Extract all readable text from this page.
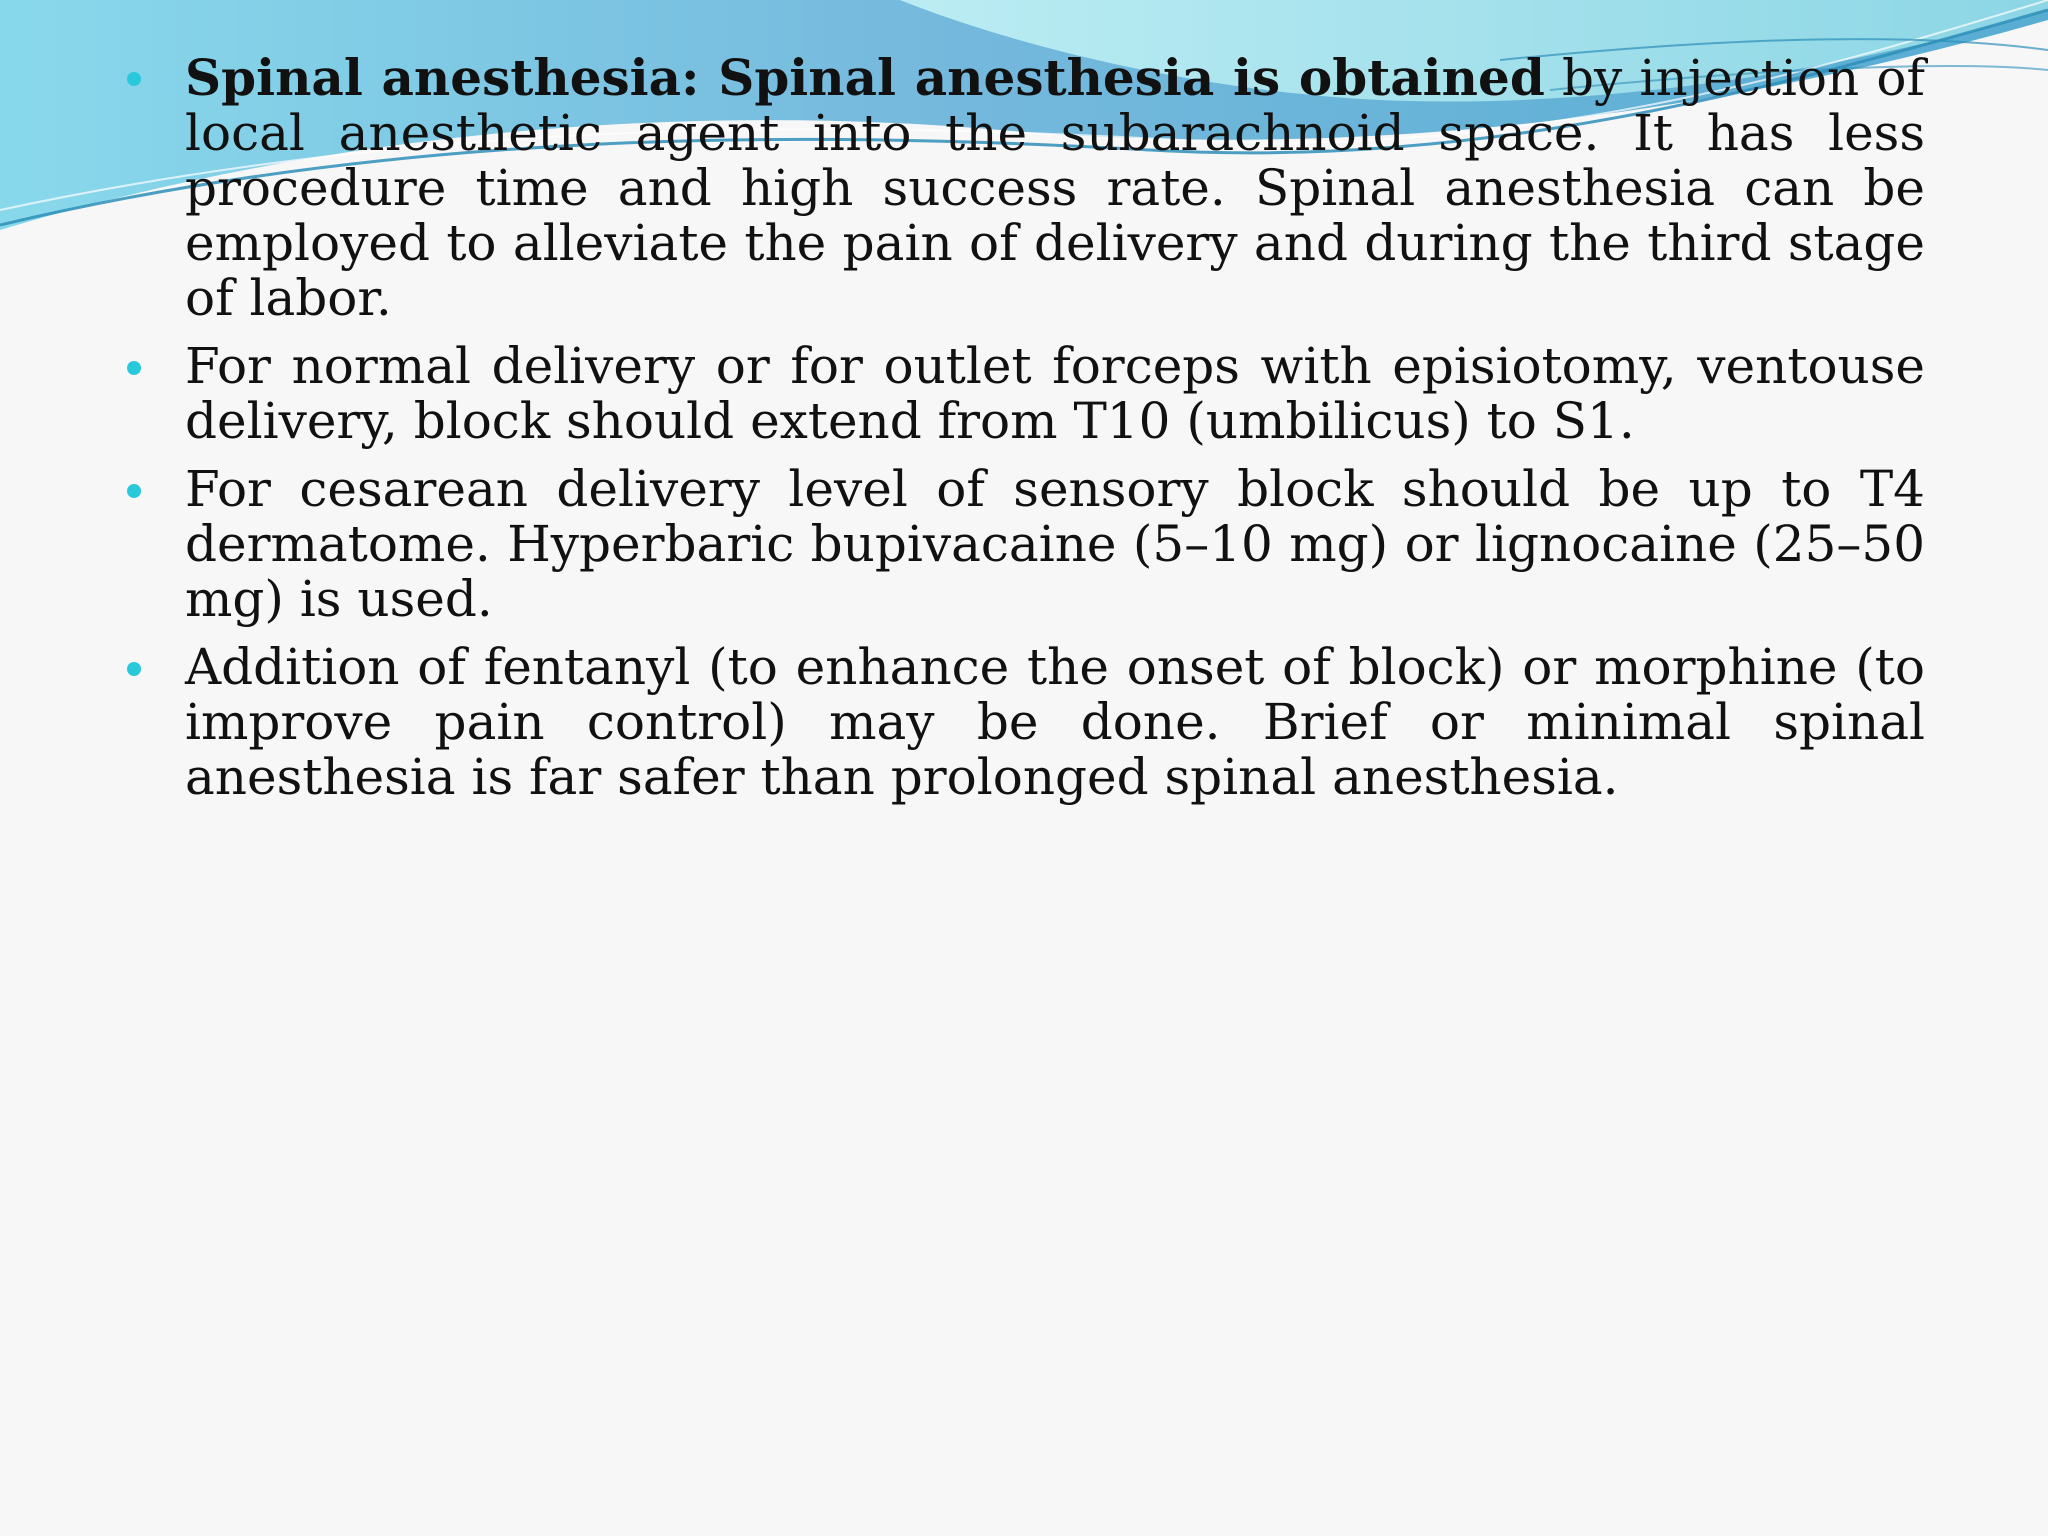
Spinal anesthesia: Spinal anesthesia is obtained by injection of local anesthetic agent into the subarachnoid space. It has less procedure time and high success rate. Spinal anesthesia can be employed to alleviate the pain of delivery and during the third stage of labor.
For normal delivery or for outlet forceps with episiotomy, ventouse delivery, block should extend from T10 (umbilicus) to S1.
For cesarean delivery level of sensory block should be up to T4 dermatome. Hyperbaric bupivacaine (5–10 mg) or lignocaine (25–50 mg) is used.
Addition of fentanyl (to enhance the onset of block) or morphine (to improve pain control) may be done. Brief or minimal spinal anesthesia is far safer than prolonged spinal anesthesia.
